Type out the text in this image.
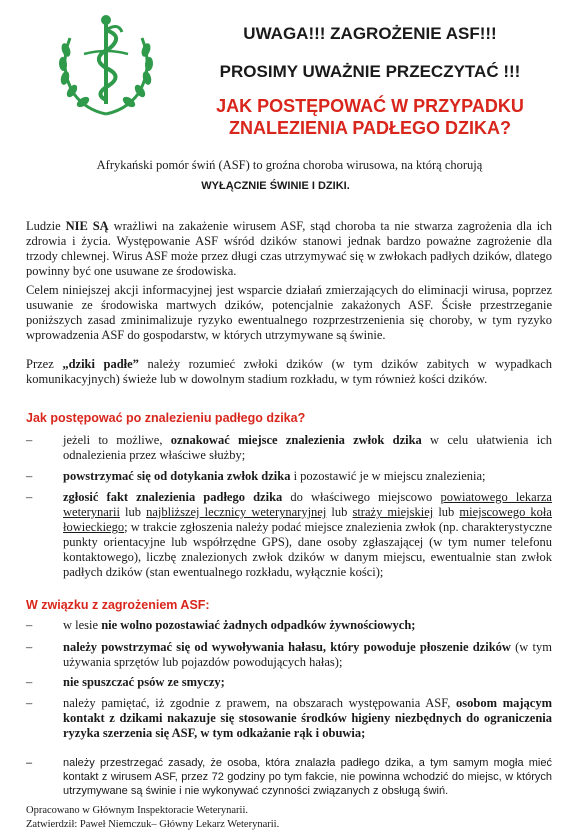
UWAGA!!! ZAGROŻENIE ASF!!!
PROSIMY UWAŻNIE PRZECZYTAĆ !!!
JAK POSTĘPOWAĆ W PRZYPADKU
ZNALEZIENIA PADŁEGO DZIKA?
Afrykański pomór świń (ASF) to groźna choroba wirusowa, na którą chorują
WYŁĄCZNIE ŚWINIE I DZIKI.
Ludzie NIE SĄ wrażliwi na zakażenie wirusem ASF, stąd choroba ta nie stwarza zagrożenia dla ich zdrowia i życia. Występowanie ASF wśród dzików stanowi jednak bardzo poważne zagrożenie dla trzody chlewnej. Wirus ASF może przez długi czas utrzymywać się w zwłokach padłych dzików, dlatego powinny być one usuwane ze środowiska.
Celem niniejszej akcji informacyjnej jest wsparcie działań zmierzających do eliminacji wirusa, poprzez usuwanie ze środowiska martwych dzików, potencjalnie zakażonych ASF. Ścisłe przestrzeganie poniższych zasad zminimalizuje ryzyko ewentualnego rozprzestrzenienia się choroby, w tym ryzyko wprowadzenia ASF do gospodarstw, w których utrzymywane są świnie.
Przez „dziki padłe” należy rozumieć zwłoki dzików (w tym dzików zabitych w wypadkach komunikacyjnych) świeże lub w dowolnym stadium rozkładu, w tym również kości dzików.
Jak postępować po znalezieniu padłego dzika?
– jeżeli to możliwe, oznakować miejsce znalezienia zwłok dzika w celu ułatwienia ich odnalezienia przez właściwe służby;
– powstrzymać się od dotykania zwłok dzika i pozostawić je w miejscu znalezienia;
– zgłosić fakt znalezienia padłego dzika do właściwego miejscowo powiatowego lekarza weterynarii lub najbliższej lecznicy weterynaryjnej lub straży miejskiej lub miejscowego koła łowieckiego; w trakcie zgłoszenia należy podać miejsce znalezienia zwłok (np. charakterystyczne punkty orientacyjne lub współrzędne GPS), dane osoby zgłaszającej (w tym numer telefonu kontaktowego), liczbę znalezionych zwłok dzików w danym miejscu, ewentualnie stan zwłok padłych dzików (stan ewentualnego rozkładu, wyłącznie kości);
W związku z zagrożeniem ASF:
– w lesie nie wolno pozostawiać żadnych odpadków żywnościowych;
– należy powstrzymać się od wywoływania hałasu, który powoduje płoszenie dzików (w tym używania sprzętów lub pojazdów powodujących hałas);
– nie spuszczać psów ze smyczy;
– należy pamiętać, iż zgodnie z prawem, na obszarach występowania ASF, osobom mającym kontakt z dzikami nakazuje się stosowanie środków higieny niezbędnych do ograniczenia ryzyka szerzenia się ASF, w tym odkażanie rąk i obuwia;
–	należy przestrzegać zasady, że osoba, która znalazła padłego dzika, a tym samym mogła mieć kontakt z wirusem ASF, przez 72 godziny po tym fakcie, nie powinna wchodzić do miejsc, w których utrzymywane są świnie i nie wykonywać czynności związanych z obsługą świń.
Opracowano w Głównym Inspektoracie Weterynarii.
Zatwierdził: Paweł Niemczuk– Główny Lekarz Weterynarii.
